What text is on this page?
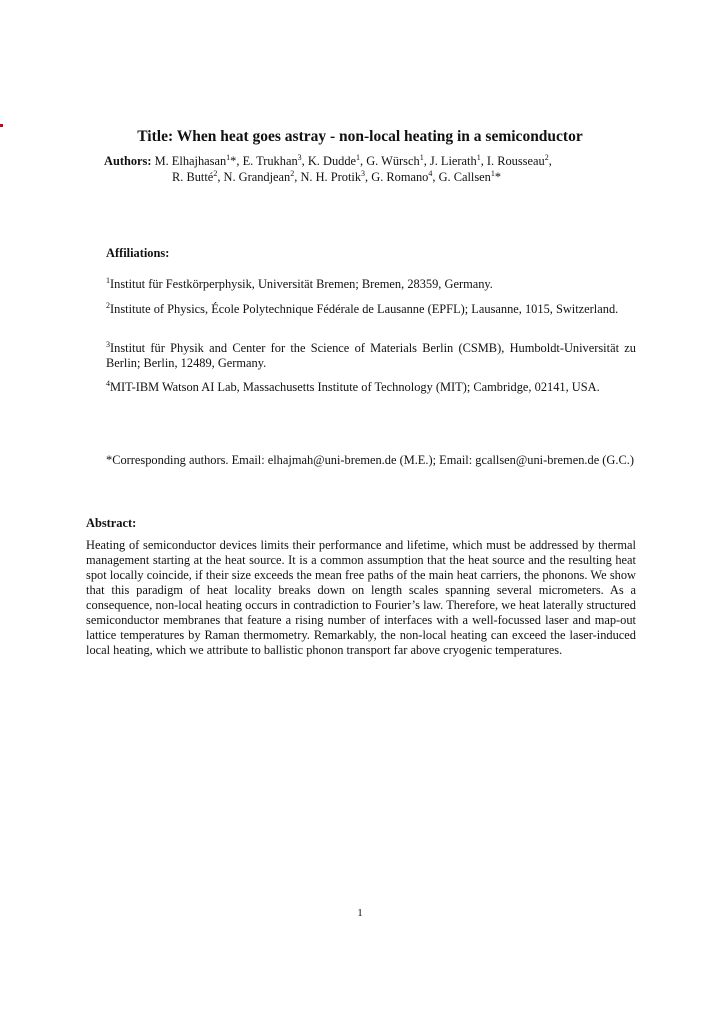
Title: When heat goes astray - non-local heating in a semiconductor
Authors: M. Elhajhasan$^1$*, E. Trukhan$^3$, K. Dudde$^1$, G. Würsch$^1$, J. Lierath$^1$, I. Rousseau$^2$,
R. Butté$^2$, N. Grandjean$^2$, N. H. Protik$^3$, G. Romano$^4$, G. Callsen$^1$*
Affiliations:
$^1$Institut für Festkörperphysik, Universität Bremen; Bremen, 28359, Germany.
$^2$Institute of Physics, École Polytechnique Fédérale de Lausanne (EPFL); Lausanne, 1015, Switzerland.
$^3$Institut für Physik and Center for the Science of Materials Berlin (CSMB), Humboldt-Universität zu Berlin; Berlin, 12489, Germany.
$^4$MIT-IBM Watson AI Lab, Massachusetts Institute of Technology (MIT); Cambridge, 02141, USA.
*Corresponding authors. Email: elhajmah@uni-bremen.de (M.E.); Email: gcallsen@uni-bremen.de (G.C.)
Abstract:
Heating of semiconductor devices limits their performance and lifetime, which must be addressed by thermal management starting at the heat source. It is a common assumption that the heat source and the resulting heat spot locally coincide, if their size exceeds the mean free paths of the main heat carriers, the phonons. We show that this paradigm of heat locality breaks down on length scales spanning several micrometers. As a consequence, non-local heating occurs in contradiction to Fourier’s law. Therefore, we heat laterally structured semiconductor membranes that feature a rising number of interfaces with a well-focussed laser and map-out lattice temperatures by Raman thermometry. Remarkably, the non-local heating can exceed the laser-induced local heating, which we attribute to ballistic phonon transport far above cryogenic temperatures.
1
